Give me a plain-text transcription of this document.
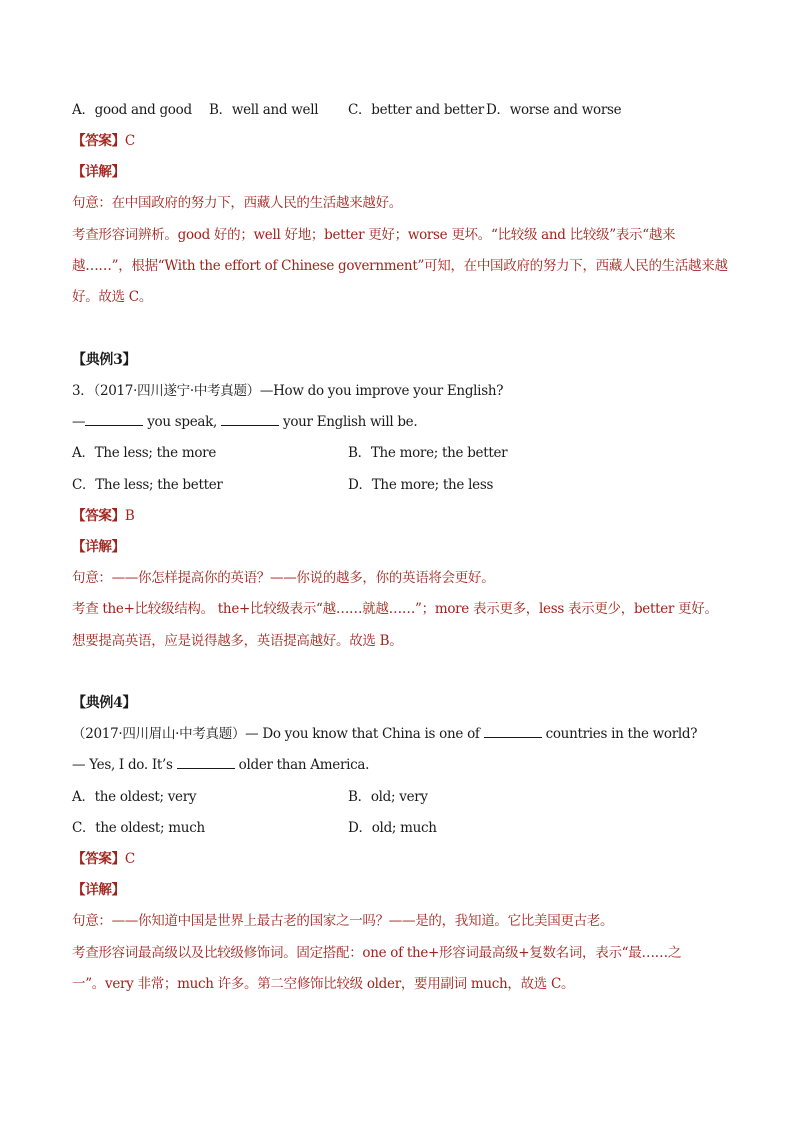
A．good and good B．well and well C．better and better D．worse and worse
【答案】C
【详解】
句意：在中国政府的努力下，西藏人民的生活越来越好。
考查形容词辨析。good 好的；well 好地；better 更好；worse 更坏。“比较级 and 比较级”表示“越来
越……”，根据“With the effort of Chinese government”可知，在中国政府的努力下，西藏人民的生活越来越
好。故选 C。
【典例3】
3．（2017·四川遂宁·中考真题）—How do you improve your English?
—	you speak,	your English will be.
A．The less; the more	B．The more; the better
C．The less; the better	D．The more; the less
【答案】B
【详解】
句意：——你怎样提高你的英语？——你说的越多，你的英语将会更好。
考查 the+比较级结构。 the+比较级表示“越……就越……”；more 表示更多，less 表示更少，better 更好。
想要提高英语，应是说得越多，英语提高越好。故选 B。
【典例4】
（2017·四川眉山·中考真题）— Do you know that China is one of	countries in the world?
— Yes, I do. It’s	older than America.
A．the oldest; very	B．old; very
C．the oldest; much	D．old; much
【答案】C
【详解】
句意：——你知道中国是世界上最古老的国家之一吗？——是的，我知道。它比美国更古老。
考查形容词最高级以及比较级修饰词。固定搭配：one of the+形容词最高级+复数名词，表示“最……之
一”。very 非常；much 许多。第二空修饰比较级 older，要用副词 much，故选 C。
